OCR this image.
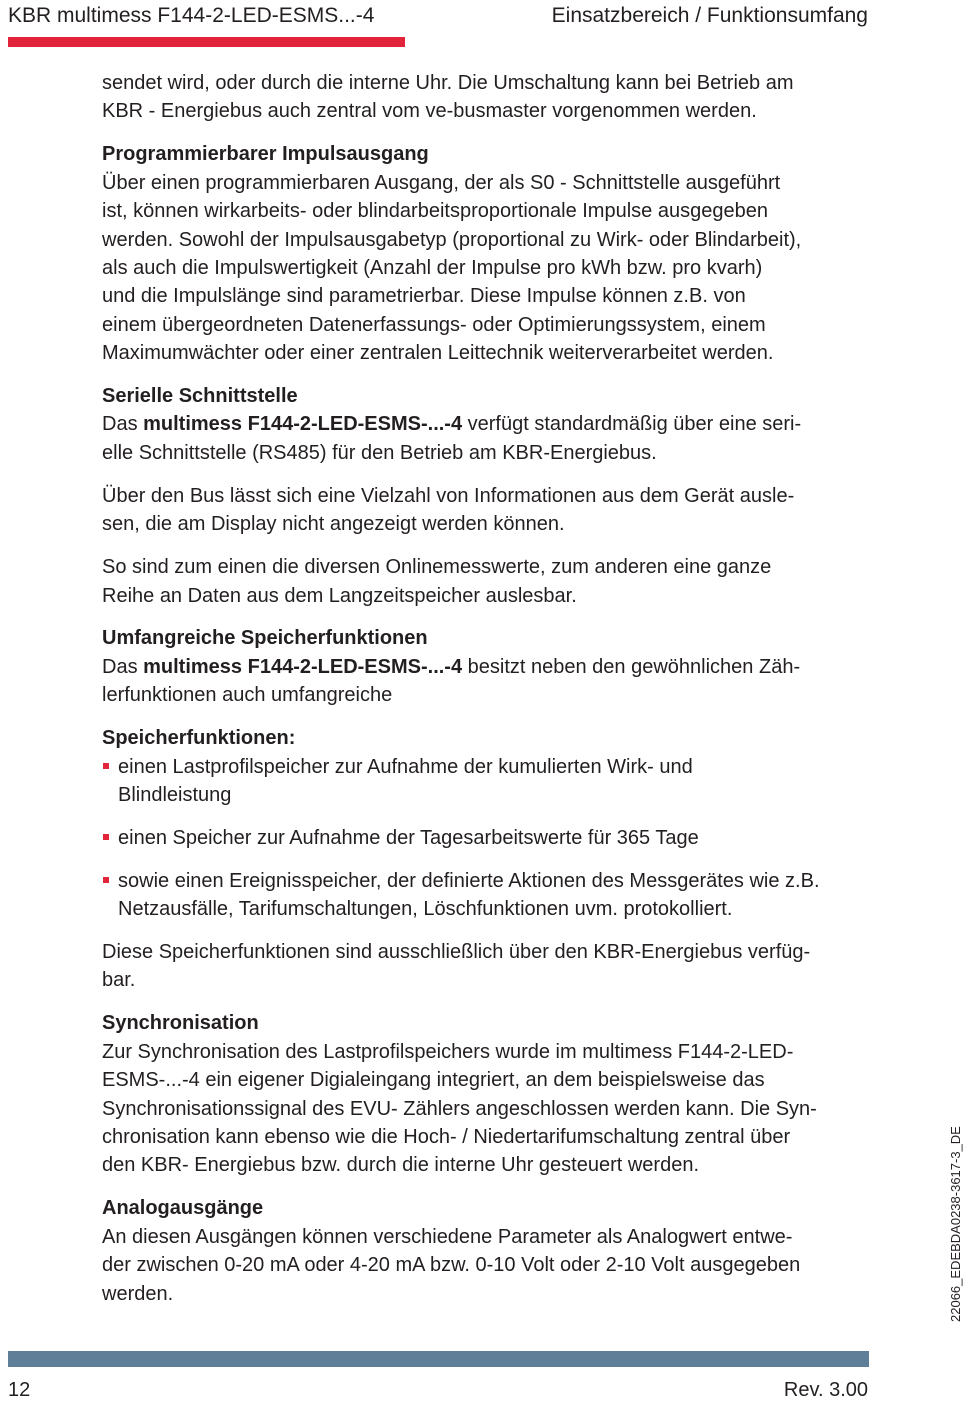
KBR multimess F144-2-LED-ESMS...-4	Einsatzbereich / Funktionsumfang

sendet wird, oder durch die interne Uhr. Die Umschaltung kann bei Betrieb am
KBR - Energiebus auch zentral vom ve-busmaster vorgenommen werden.

Programmierbarer Impulsausgang
Über einen programmierbaren Ausgang, der als S0 - Schnittstelle ausgeführt
ist, können wirkarbeits- oder blindarbeitsproportionale Impulse ausgegeben
werden. Sowohl der Impulsausgabetyp (proportional zu Wirk- oder Blindarbeit),
als auch die Impulswertigkeit (Anzahl der Impulse pro kWh bzw. pro kvarh)
und die Impulslänge sind parametrierbar. Diese Impulse können z.B. von
einem übergeordneten Datenerfassungs- oder Optimierungssystem, einem
Maximumwächter oder einer zentralen Leittechnik weiterverarbeitet werden.

Serielle Schnittstelle
Das multimess F144-2-LED-ESMS-...-4 verfügt standardmäßig über eine seri-
elle Schnittstelle (RS485) für den Betrieb am KBR-Energiebus.

Über den Bus lässt sich eine Vielzahl von Informationen aus dem Gerät ausle-
sen, die am Display nicht angezeigt werden können.

So sind zum einen die diversen Onlinemesswerte, zum anderen eine ganze
Reihe an Daten aus dem Langzeitspeicher auslesbar.

Umfangreiche Speicherfunktionen
Das multimess F144-2-LED-ESMS-...-4 besitzt neben den gewöhnlichen Zäh-
lerfunktionen auch umfangreiche

Speicherfunktionen:

einen Lastprofilspeicher zur Aufnahme der kumulierten Wirk- und
Blindleistung
einen Speicher zur Aufnahme der Tagesarbeitswerte für 365 Tage
sowie einen Ereignisspeicher, der definierte Aktionen des Messgerätes wie z.B.
Netzausfälle, Tarifumschaltungen, Löschfunktionen uvm. protokolliert.

Diese Speicherfunktionen sind ausschließlich über den KBR-Energiebus verfüg-
bar.

Synchronisation
Zur Synchronisation des Lastprofilspeichers wurde im multimess F144-2-LED-
ESMS-...-4 ein eigener Digialeingang integriert, an dem beispielsweise das
Synchronisationssignal des EVU- Zählers angeschlossen werden kann. Die Syn-
chronisation kann ebenso wie die Hoch- / Niedertarifumschaltung zentral über
den KBR- Energiebus bzw. durch die interne Uhr gesteuert werden.

Analogausgänge
An diesen Ausgängen können verschiedene Parameter als Analogwert entwe-
der zwischen 0-20 mA oder 4-20 mA bzw. 0-10 Volt oder 2-10 Volt ausgegeben
werden.	22066_EDEBDA0238-3617-3_DE
12	Rev. 3.00
